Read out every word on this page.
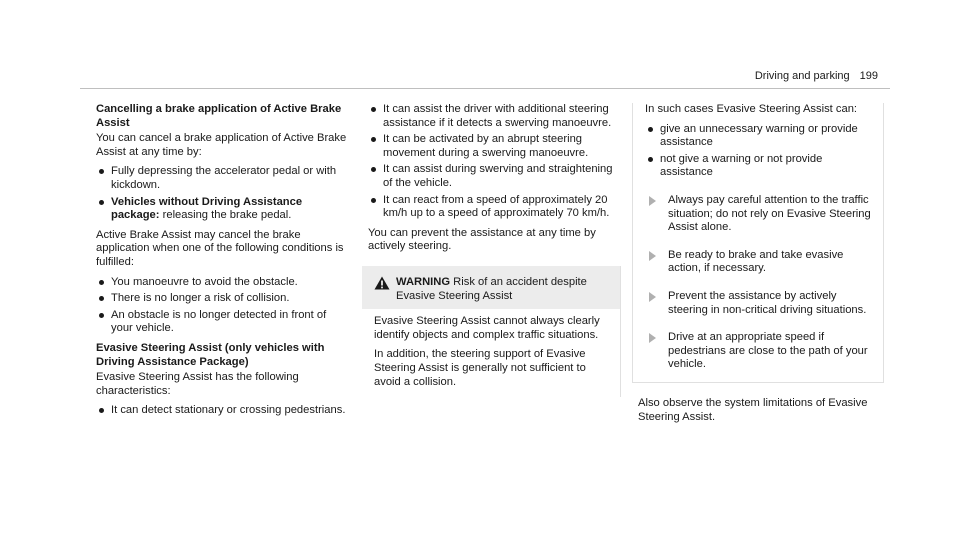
Driving and parking 199
Cancelling a brake application of Active Brake Assist

You can cancel a brake application of Active Brake Assist at any time by:

Fully depressing the accelerator pedal or with kickdown.
Vehicles without Driving Assistance package: releasing the brake pedal.

Active Brake Assist may cancel the brake application when one of the following conditions is fulfilled:

You manoeuvre to avoid the obstacle.
There is no longer a risk of collision.
An obstacle is no longer detected in front of your vehicle.
Evasive Steering Assist (only vehicles with Driving Assistance Package)

Evasive Steering Assist has the following characteristics:

It can detect stationary or crossing pedestrians.
It can assist the driver with additional steering assistance if it detects a swerving manoeuvre.
It can be activated by an abrupt steering movement during a swerving manoeuvre.
It can assist during swerving and straightening of the vehicle.
It can react from a speed of approximately 20 km/h up to a speed of approximately 70 km/h.

You can prevent the assistance at any time by actively steering.

WARNING Risk of an accident despite Evasive Steering Assist

Evasive Steering Assist cannot always clearly identify objects and complex traffic situations.

In addition, the steering support of Evasive Steering Assist is generally not sufficient to avoid a collision.

In such cases Evasive Steering Assist can:

give an unnecessary warning or provide assistance
not give a warning or not provide assistance
Always pay careful attention to the traffic situation; do not rely on Evasive Steering Assist alone.
Be ready to brake and take evasive action, if necessary.
Prevent the assistance by actively steering in non-critical driving situations.
Drive at an appropriate speed if pedestrians are close to the path of your vehicle.

Also observe the system limitations of Evasive Steering Assist.
